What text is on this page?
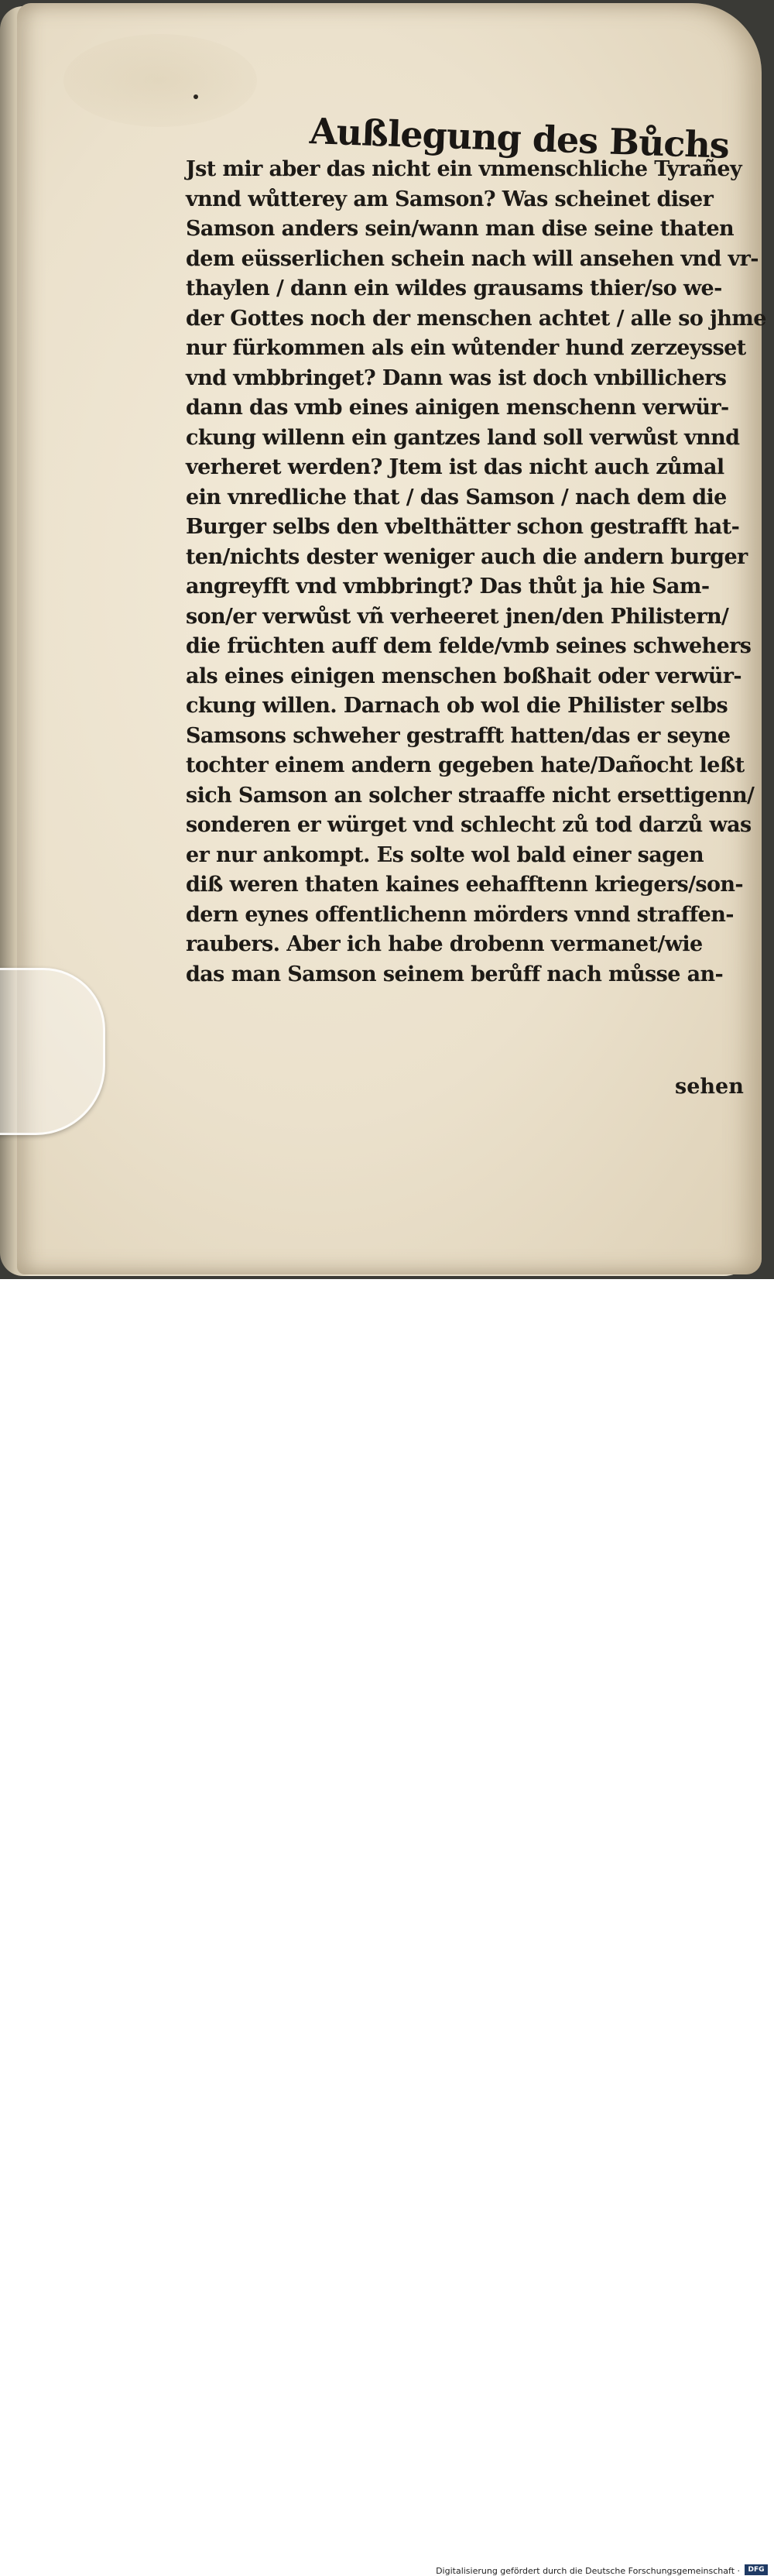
Außlegung des Bůchs
Jst mir aber das nicht ein vnmenschliche Tyrañey
vnnd wůtterey am Samson? Was scheinet diser
Samson anders sein/wann man dise seine thaten
dem eüsserlichen schein nach will ansehen vnd vr-
thaylen / dann ein wildes grausams thier/so we-
der Gottes noch der menschen achtet / alle so jhme
nur fürkommen als ein wůtender hund zerzeysset
vnd vmbbringet? Dann was ist doch vnbillichers
dann das vmb eines ainigen menschenn verwür-
ckung willenn ein gantzes land soll verwůst vnnd
verheret werden? Jtem ist das nicht auch zůmal
ein vnredliche that / das Samson / nach dem die
Burger selbs den vbelthätter schon gestrafft hat-
ten/nichts dester weniger auch die andern burger
angreyfft vnd vmbbringt? Das thůt ja hie Sam-
son/er verwůst vñ verheeret jnen/den Philistern/
die früchten auff dem felde/vmb seines schwehers
als eines einigen menschen boßhait oder verwür-
ckung willen. Darnach ob wol die Philister selbs
Samsons schweher gestrafft hatten/das er seyne
tochter einem andern gegeben hate/Dañocht leßt
sich Samson an solcher straaffe nicht ersettigenn/
sonderen er würget vnd schlecht zů tod darzů was
er nur ankompt. Es solte wol bald einer sagen
diß weren thaten kaines eehafftenn kriegers/son-
dern eynes offentlichenn mörders vnnd straffen-
raubers. Aber ich habe drobenn vermanet/wie
das man Samson seinem berůff nach můsse an-
sehen
Digitalisierung gefördert durch die Deutsche Forschungsgemeinschaft ·	DFG
